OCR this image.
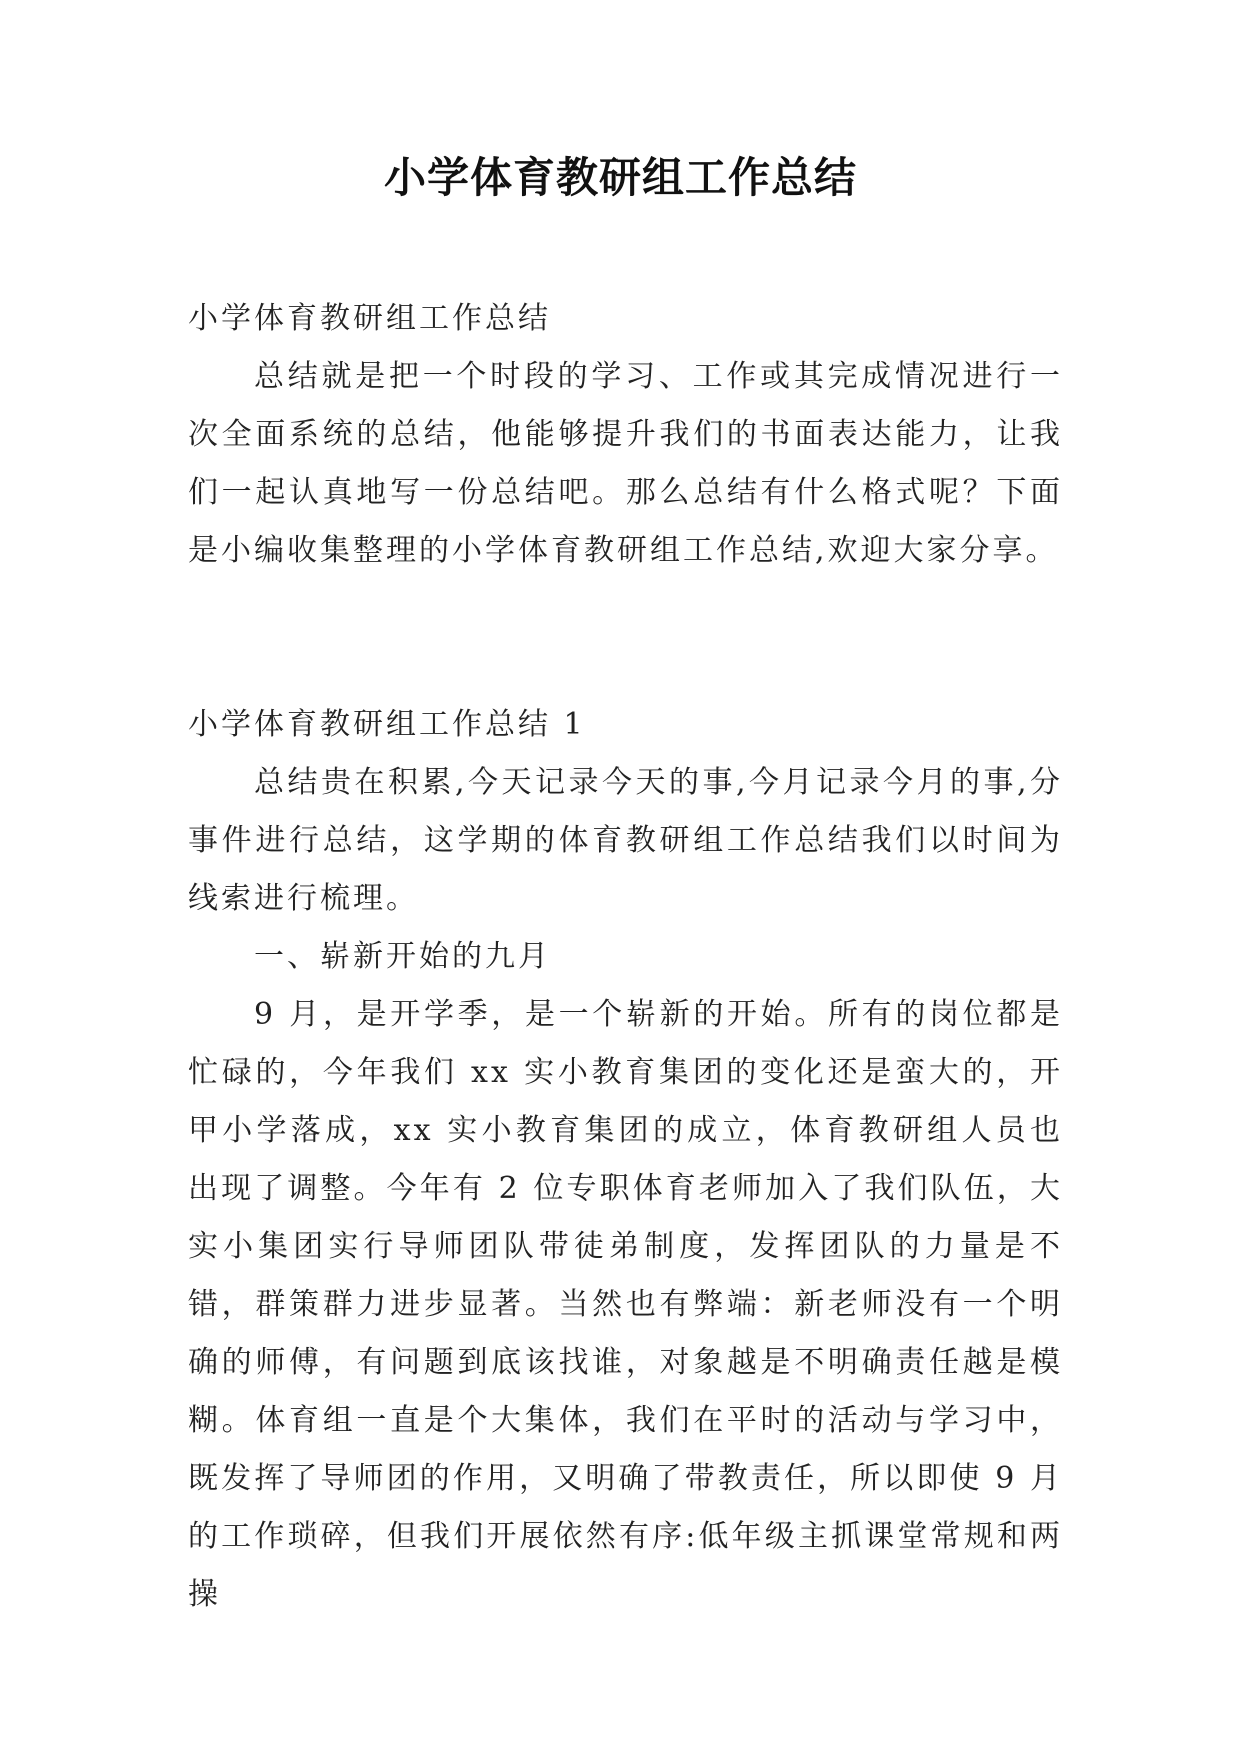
小学体育教研组工作总结

小学体育教研组工作总结

总结就是把一个时段的学习、工作或其完成情况进行一次全面系统的总结，他能够提升我们的书面表达能力，让我们一起认真地写一份总结吧。那么总结有什么格式呢？下面是小编收集整理的小学体育教研组工作总结,欢迎大家分享。

小学体育教研组工作总结 1

总结贵在积累,今天记录今天的事,今月记录今月的事,分事件进行总结，这学期的体育教研组工作总结我们以时间为线索进行梳理。

一、崭新开始的九月

9 月，是开学季，是一个崭新的开始。所有的岗位都是忙碌的，今年我们 xx 实小教育集团的变化还是蛮大的，开甲小学落成，xx 实小教育集团的成立，体育教研组人员也出现了调整。今年有 2 位专职体育老师加入了我们队伍，大实小集团实行导师团队带徒弟制度，发挥团队的力量是不错，群策群力进步显著。当然也有弊端：新老师没有一个明确的师傅，有问题到底该找谁，对象越是不明确责任越是模糊。体育组一直是个大集体，我们在平时的活动与学习中，既发挥了导师团的作用，又明确了带教责任，所以即使 9 月的工作琐碎，但我们开展依然有序:低年级主抓课堂常规和两操
